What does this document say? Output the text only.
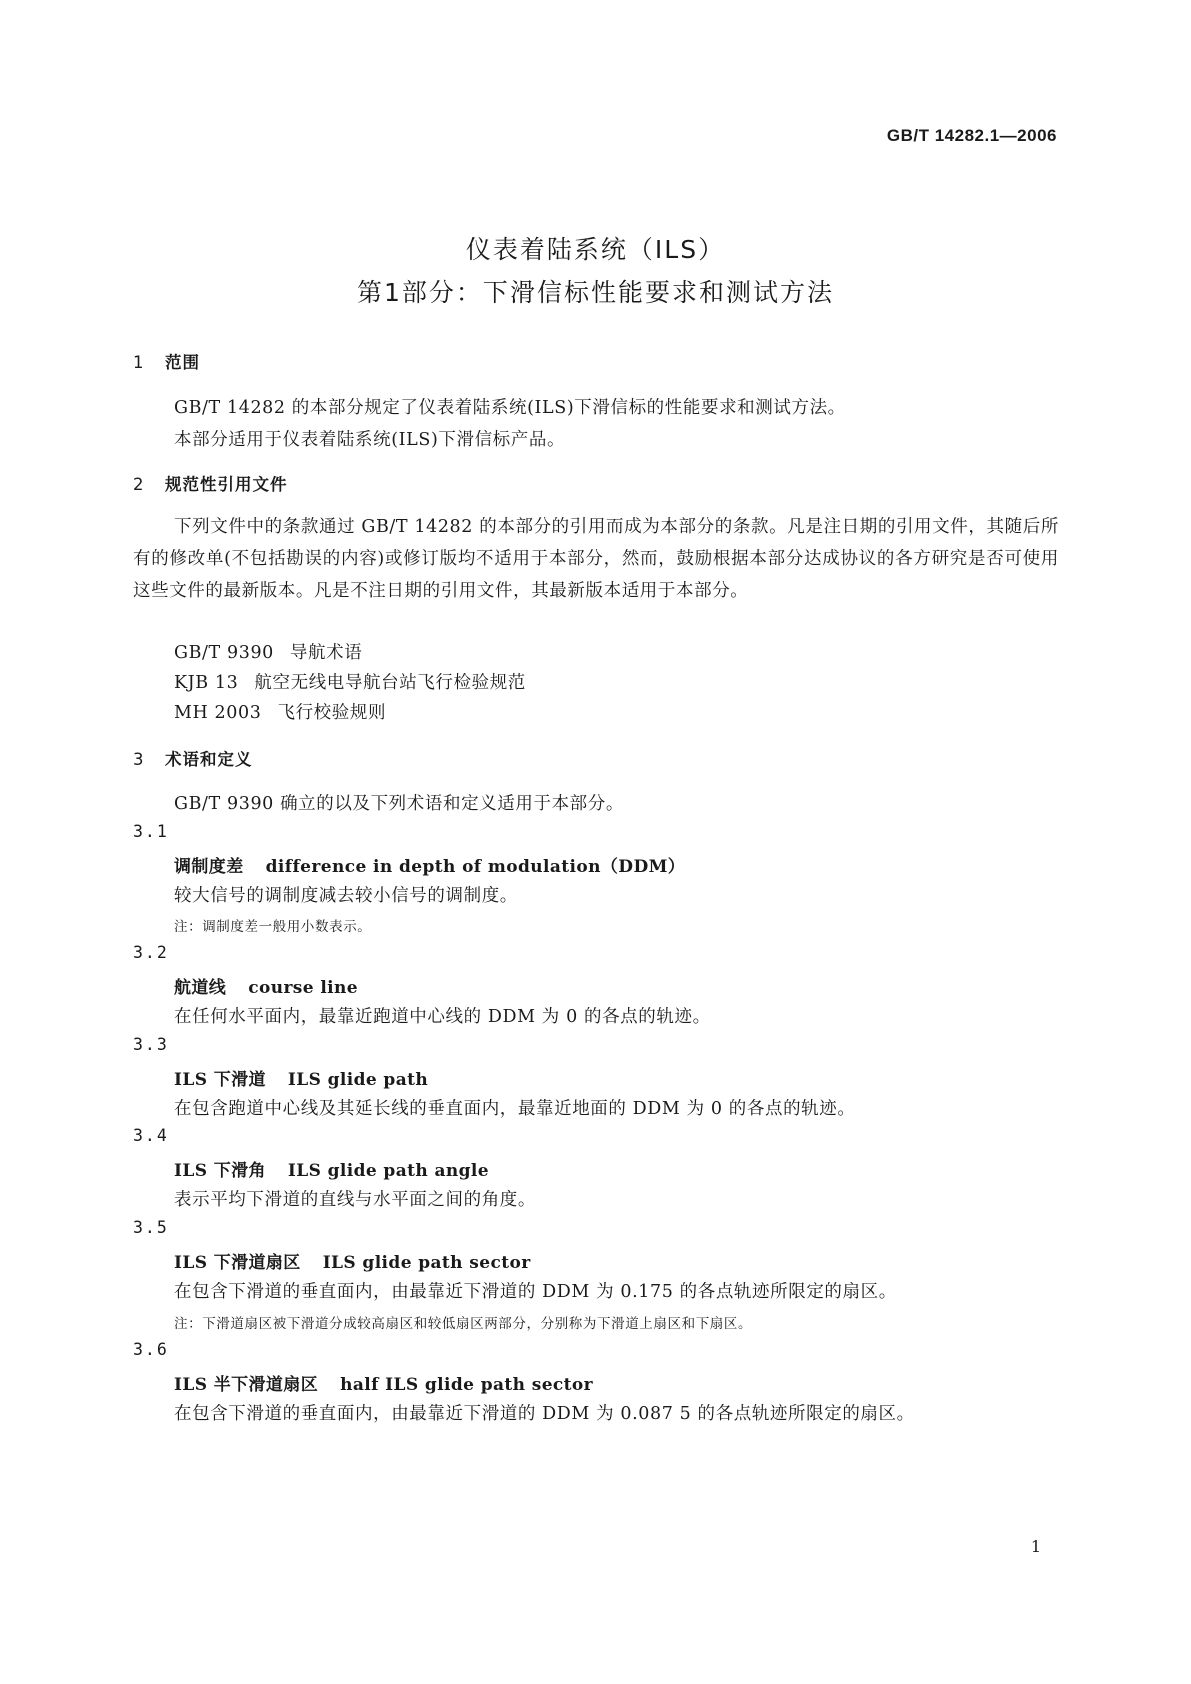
GB/T 14282.1—2006
仪表着陆系统（ILS）
第1部分：下滑信标性能要求和测试方法
1 范围
GB/T 14282 的本部分规定了仪表着陆系统(ILS)下滑信标的性能要求和测试方法。
本部分适用于仪表着陆系统(ILS)下滑信标产品。
2 规范性引用文件
下列文件中的条款通过 GB/T 14282 的本部分的引用而成为本部分的条款。凡是注日期的引用文件，其随后所有的修改单(不包括勘误的内容)或修订版均不适用于本部分，然而，鼓励根据本部分达成协议的各方研究是否可使用这些文件的最新版本。凡是不注日期的引用文件，其最新版本适用于本部分。
GB/T 9390 导航术语
KJB 13 航空无线电导航台站飞行检验规范
MH 2003 飞行校验规则
3 术语和定义
GB/T 9390 确立的以及下列术语和定义适用于本部分。
3.1
调制度差 difference in depth of modulation（DDM）
较大信号的调制度减去较小信号的调制度。
注：调制度差一般用小数表示。
3.2
航道线 course line
在任何水平面内，最靠近跑道中心线的 DDM 为 0 的各点的轨迹。
3.3
ILS 下滑道 ILS glide path
在包含跑道中心线及其延长线的垂直面内，最靠近地面的 DDM 为 0 的各点的轨迹。
3.4
ILS 下滑角 ILS glide path angle
表示平均下滑道的直线与水平面之间的角度。
3.5
ILS 下滑道扇区 ILS glide path sector
在包含下滑道的垂直面内，由最靠近下滑道的 DDM 为 0.175 的各点轨迹所限定的扇区。
注：下滑道扇区被下滑道分成较高扇区和较低扇区两部分，分别称为下滑道上扇区和下扇区。
3.6
ILS 半下滑道扇区 half ILS glide path sector
在包含下滑道的垂直面内，由最靠近下滑道的 DDM 为 0.087 5 的各点轨迹所限定的扇区。
1
